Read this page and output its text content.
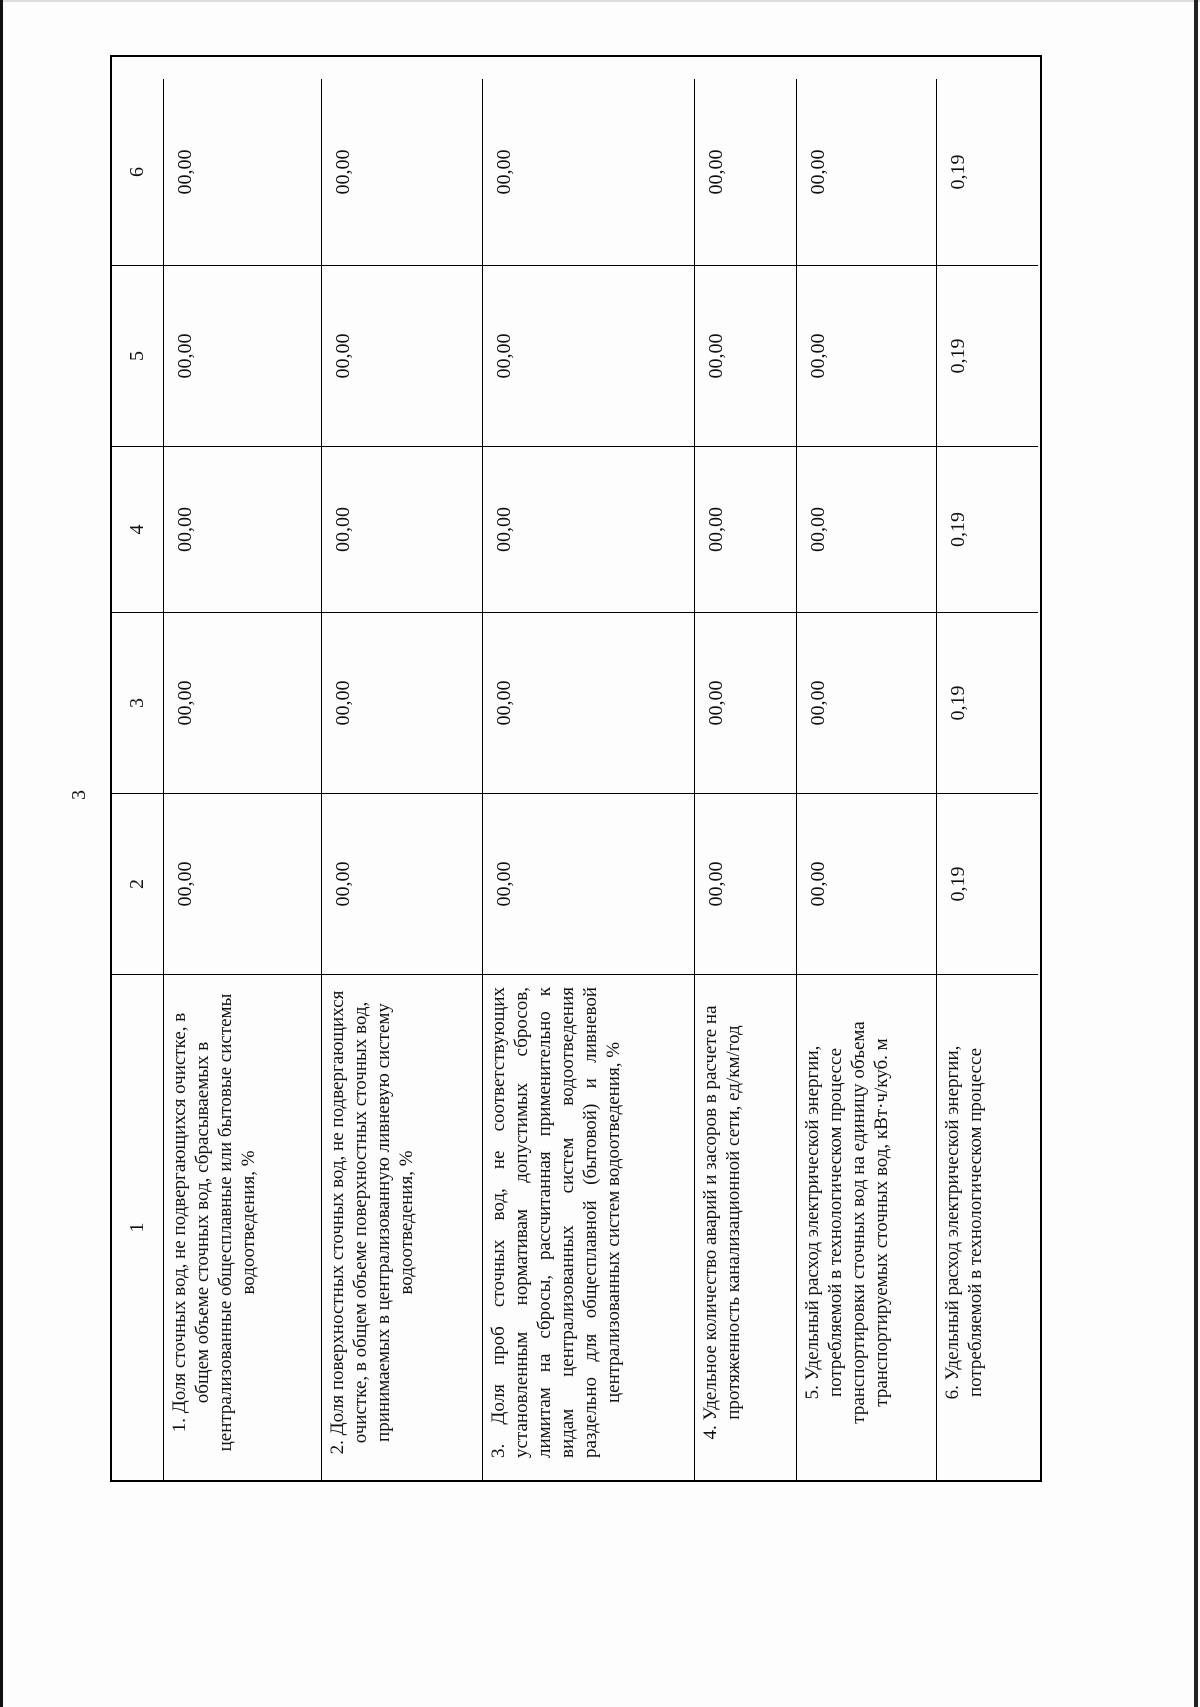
3
1
2
3
4
5
6
1. Доля сточных вод, не подвергающихся очистке, в общем объеме сточных вод, сбрасываемых в централизованные общесплавные или бытовые системы водоотведения, %
00,00
00,00
00,00
00,00
00,00
2. Доля поверхностных сточных вод, не подвергающихся очистке, в общем объеме поверхностных сточных вод, принимаемых в централизованную ливневую систему водоотведения, %
00,00
00,00
00,00
00,00
00,00
3. Доля проб сточных вод, не соответствующих установленным нормативам допустимых сбросов, лимитам на сбросы, рассчитанная применительно к видам централизованных систем водоотведения раздельно для общесплавной (бытовой) и ливневой централизованных систем водоотведения, %
00,00
00,00
00,00
00,00
00,00
4. Удельное количество аварий и засоров в расчете на протяженность канализационной сети, ед/км/год
00,00
00,00
00,00
00,00
00,00
5. Удельный расход электрической энергии, потребляемой в технологическом процессе транспортировки сточных вод на единицу объема транспортируемых сточных вод, кВт·ч/куб. м
00,00
00,00
00,00
00,00
00,00
6. Удельный расход электрической энергии, потребляемой в технологическом процессе
0,19
0,19
0,19
0,19
0,19
